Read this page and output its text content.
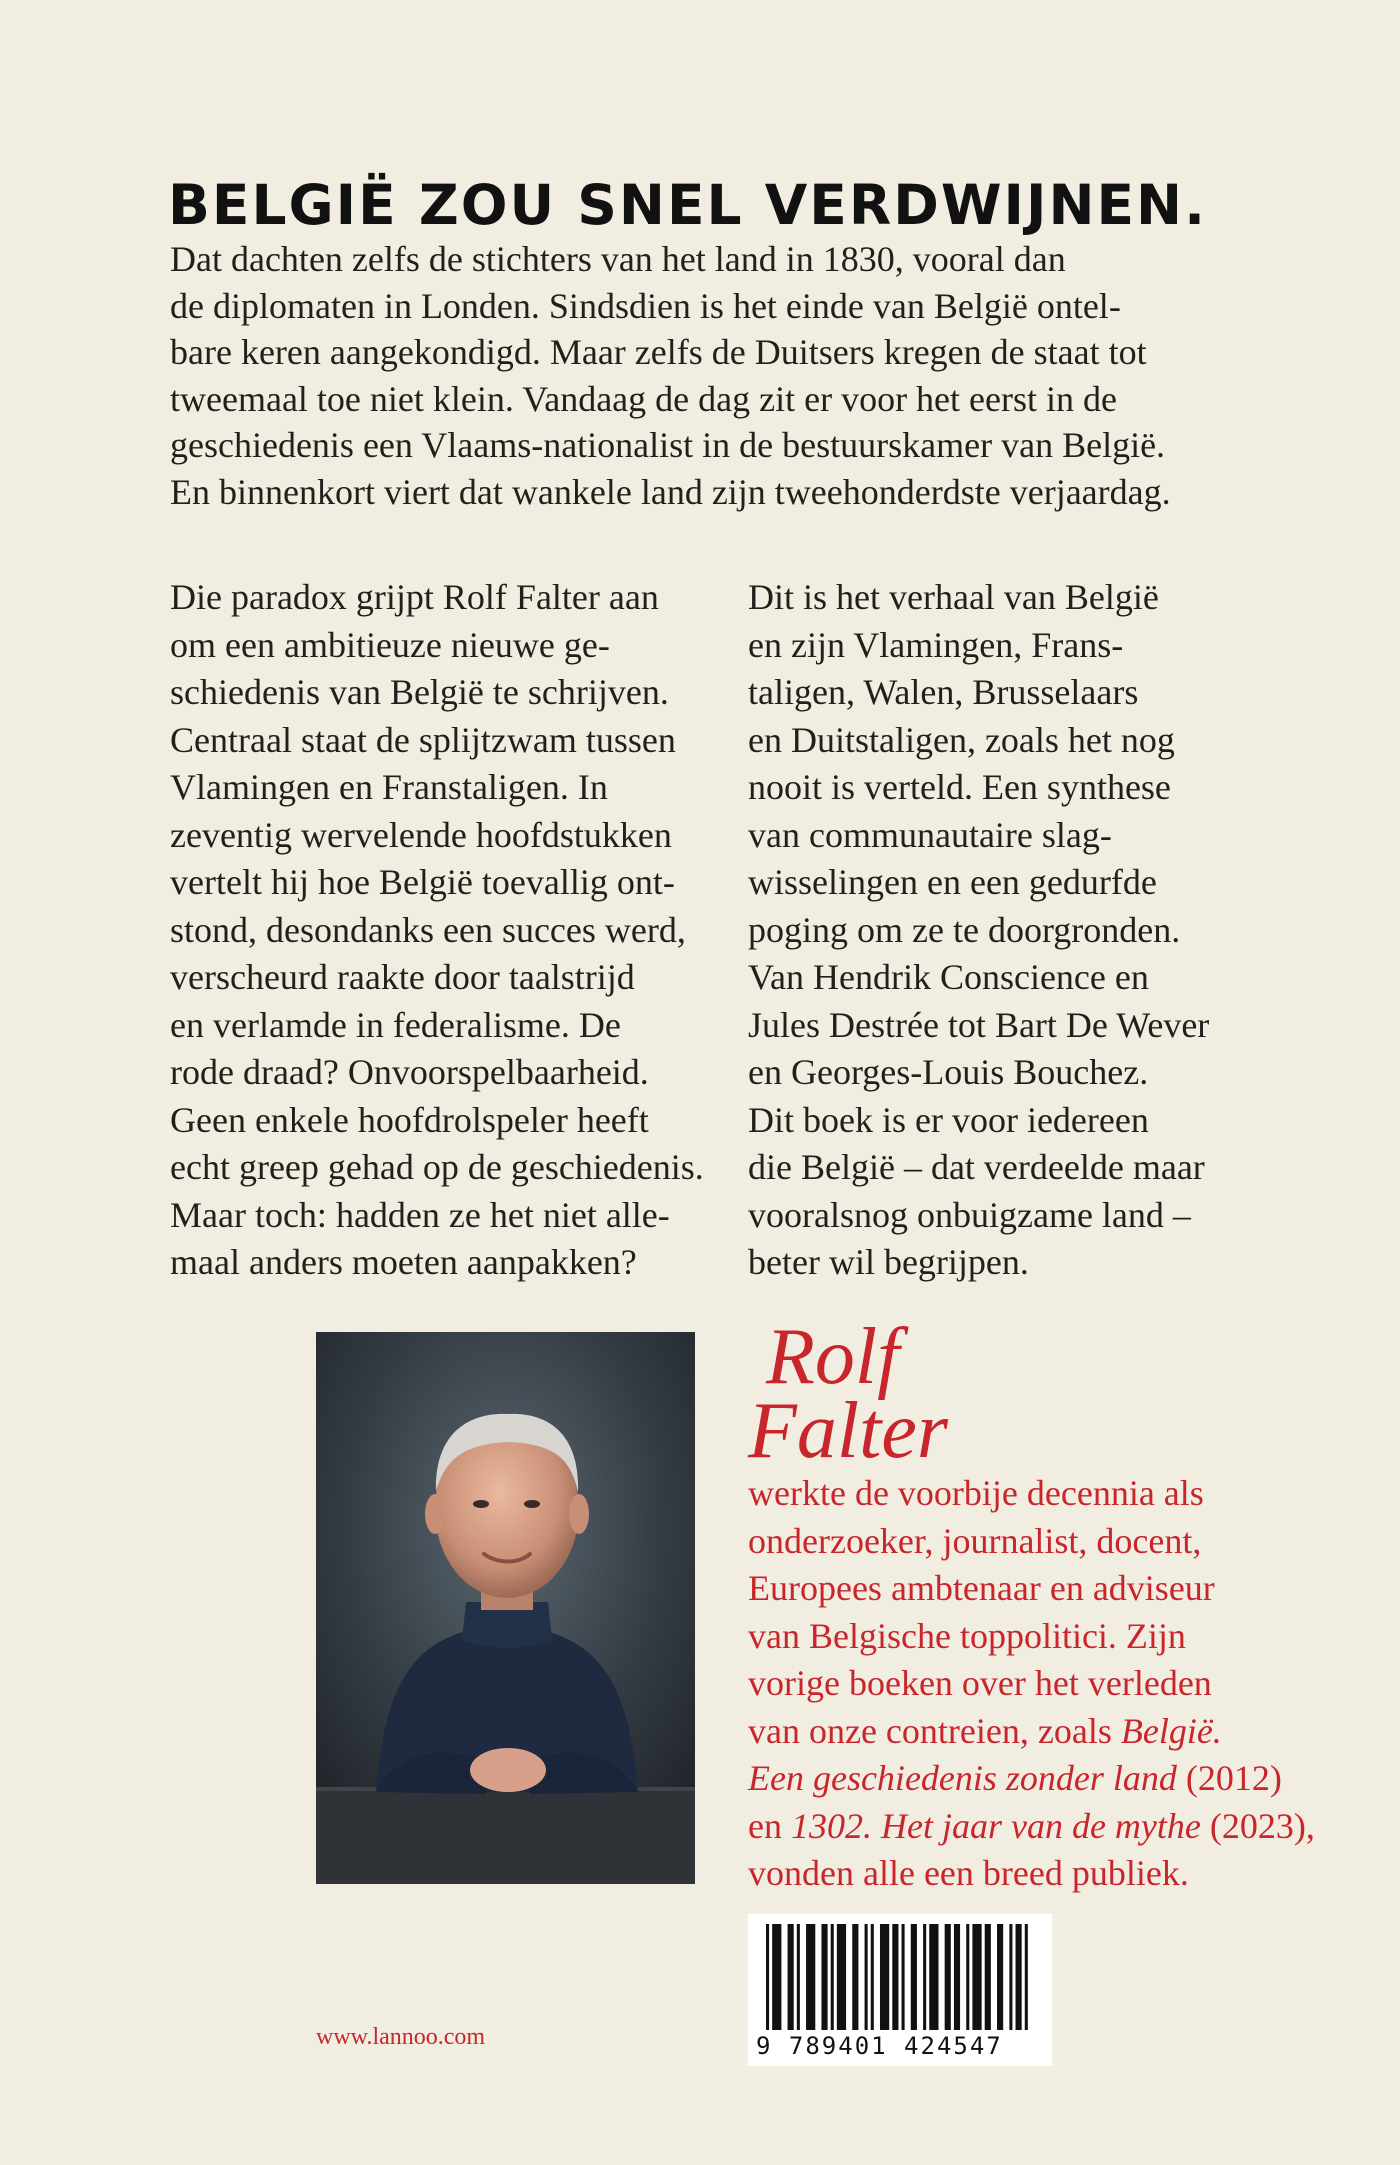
BELGIË ZOU SNEL VERDWIJNEN.

Dat dachten zelfs de stichters van het land in 1830, vooral dan
de diplomaten in Londen. Sindsdien is het einde van België ontel-
bare keren aangekondigd. Maar zelfs de Duitsers kregen de staat tot
tweemaal toe niet klein. Vandaag de dag zit er voor het eerst in de
geschiedenis een Vlaams-nationalist in de bestuurskamer van België.
En binnenkort viert dat wankele land zijn tweehonderdste verjaardag.

Die paradox grijpt Rolf Falter aan
om een ambitieuze nieuwe ge-
schiedenis van België te schrijven.
Centraal staat de splijtzwam tussen
Vlamingen en Franstaligen. In
zeventig wervelende hoofdstukken
vertelt hij hoe België toevallig ont-
stond, desondanks een succes werd,
verscheurd raakte door taalstrijd
en verlamde in federalisme. De
rode draad? Onvoorspelbaarheid.
Geen enkele hoofdrolspeler heeft
echt greep gehad op de geschiedenis.
Maar toch: hadden ze het niet alle-
maal anders moeten aanpakken?

Dit is het verhaal van België
en zijn Vlamingen, Frans-
taligen, Walen, Brusselaars
en Duitstaligen, zoals het nog
nooit is verteld. Een synthese
van communautaire slag-
wisselingen en een gedurfde
poging om ze te doorgronden.
Van Hendrik Conscience en
Jules Destrée tot Bart De Wever
en Georges-Louis Bouchez.
Dit boek is er voor iedereen
die België – dat verdeelde maar
vooralsnog onbuigzame land –
beter wil begrijpen.

Rolf
Falter

werkte de voorbije decennia als
onderzoeker, journalist, docent,
Europees ambtenaar en adviseur
van Belgische toppolitici. Zijn
vorige boeken over het verleden
van onze contreien, zoals België.
Een geschiedenis zonder land (2012)
en 1302. Het jaar van de mythe (2023),
vonden alle een breed publiek.

9 789401 424547

www.lannoo.com
